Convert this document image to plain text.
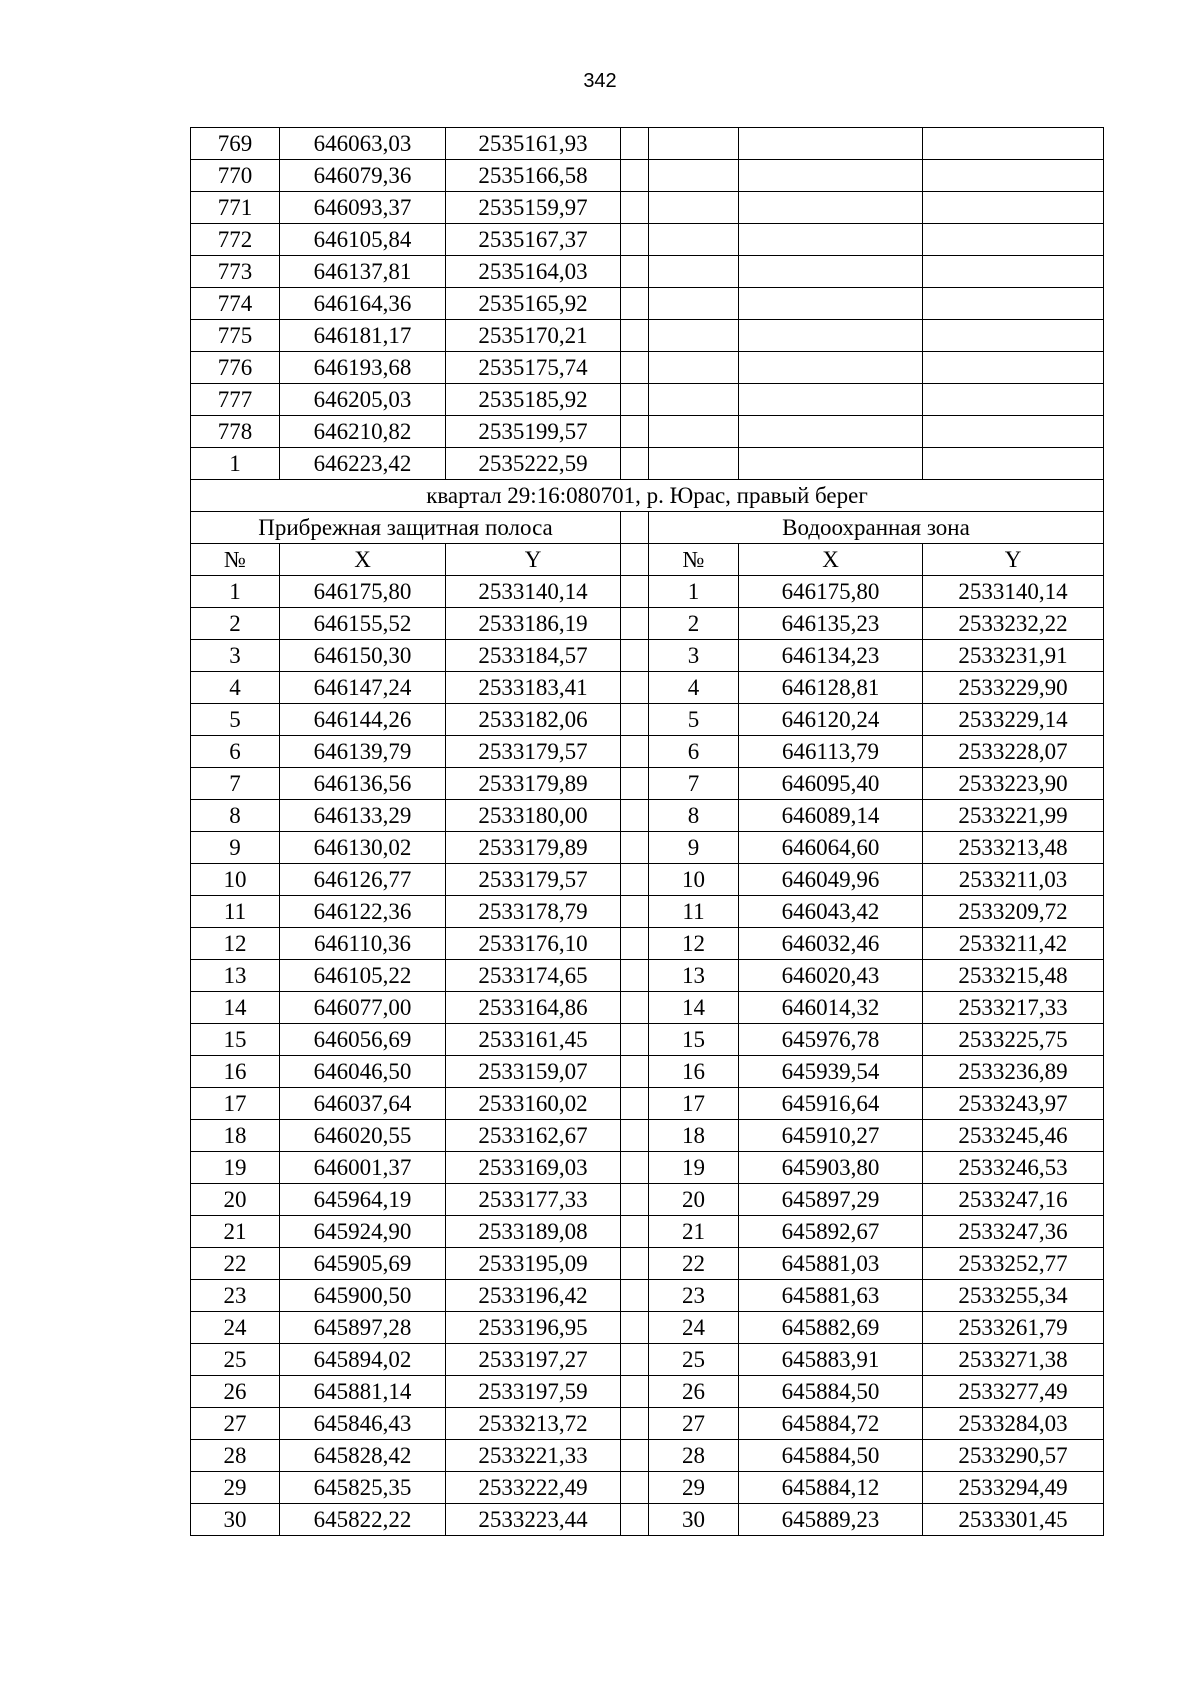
342
769	646063,03	2535161,93				
770	646079,36	2535166,58				
771	646093,37	2535159,97				
772	646105,84	2535167,37				
773	646137,81	2535164,03				
774	646164,36	2535165,92				
775	646181,17	2535170,21				
776	646193,68	2535175,74				
777	646205,03	2535185,92				
778	646210,82	2535199,57				
1	646223,42	2535222,59				
квартал 29:16:080701, р. Юрас, правый берег						
Прибрежная защитная полоса				Водоохранная зона		
№	X	Y		№	X	Y
1	646175,80	2533140,14		1	646175,80	2533140,14
2	646155,52	2533186,19		2	646135,23	2533232,22
3	646150,30	2533184,57		3	646134,23	2533231,91
4	646147,24	2533183,41		4	646128,81	2533229,90
5	646144,26	2533182,06		5	646120,24	2533229,14
6	646139,79	2533179,57		6	646113,79	2533228,07
7	646136,56	2533179,89		7	646095,40	2533223,90
8	646133,29	2533180,00		8	646089,14	2533221,99
9	646130,02	2533179,89		9	646064,60	2533213,48
10	646126,77	2533179,57		10	646049,96	2533211,03
11	646122,36	2533178,79		11	646043,42	2533209,72
12	646110,36	2533176,10		12	646032,46	2533211,42
13	646105,22	2533174,65		13	646020,43	2533215,48
14	646077,00	2533164,86		14	646014,32	2533217,33
15	646056,69	2533161,45		15	645976,78	2533225,75
16	646046,50	2533159,07		16	645939,54	2533236,89
17	646037,64	2533160,02		17	645916,64	2533243,97
18	646020,55	2533162,67		18	645910,27	2533245,46
19	646001,37	2533169,03		19	645903,80	2533246,53
20	645964,19	2533177,33		20	645897,29	2533247,16
21	645924,90	2533189,08		21	645892,67	2533247,36
22	645905,69	2533195,09		22	645881,03	2533252,77
23	645900,50	2533196,42		23	645881,63	2533255,34
24	645897,28	2533196,95		24	645882,69	2533261,79
25	645894,02	2533197,27		25	645883,91	2533271,38
26	645881,14	2533197,59		26	645884,50	2533277,49
27	645846,43	2533213,72		27	645884,72	2533284,03
28	645828,42	2533221,33		28	645884,50	2533290,57
29	645825,35	2533222,49		29	645884,12	2533294,49
30	645822,22	2533223,44		30	645889,23	2533301,45
